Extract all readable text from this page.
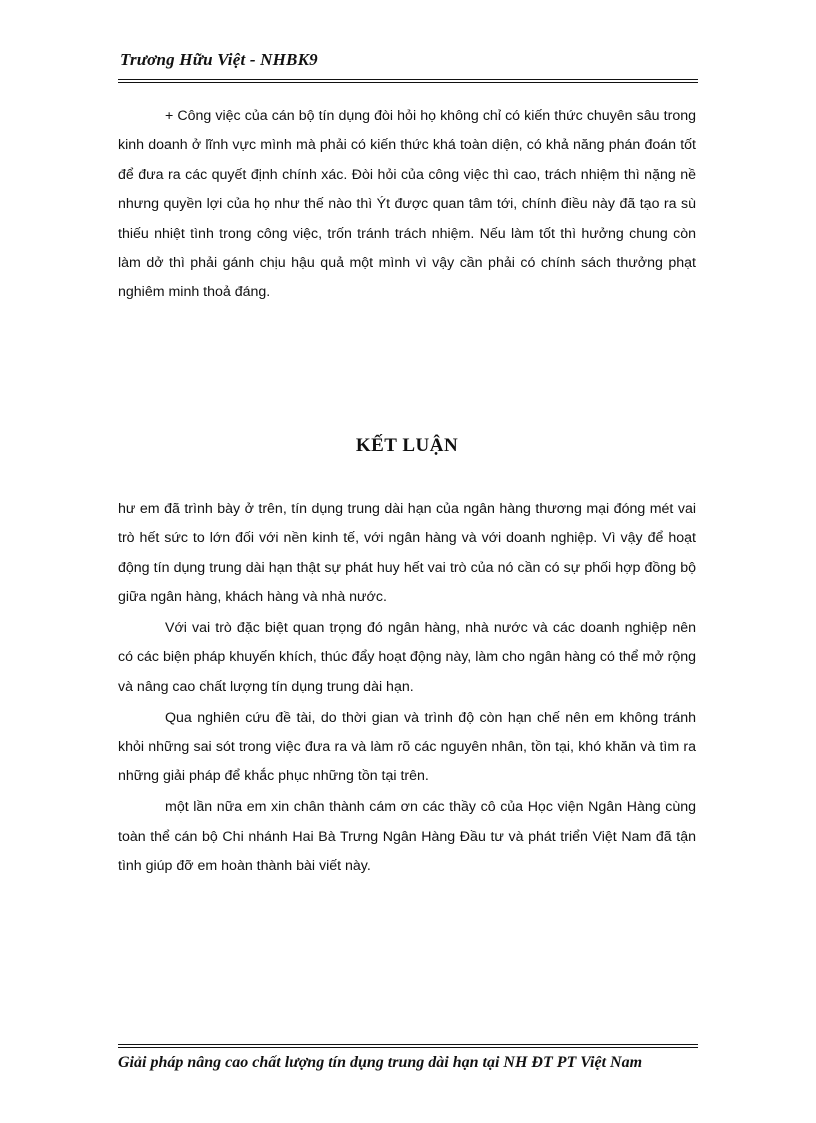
Trương Hữu Việt - NHBK9

+ Công việc của cán bộ tín dụng đòi hỏi họ không chỉ có kiến thức chuyên sâu trong kinh doanh ở lĩnh vực mình mà phải có kiến thức khá toàn diện, có khả năng phán đoán tốt để đưa ra các quyết định chính xác. Đòi hỏi của công việc thì cao, trách nhiệm thì nặng nề nhưng quyền lợi của họ như thế nào thì Ýt được quan tâm tới, chính điều này đã tạo ra sù thiếu nhiệt tình trong công việc, trốn tránh trách nhiệm. Nếu làm tốt thì hưởng chung còn làm dở thì phải gánh chịu hậu quả một mình vì vậy cần phải có chính sách thưởng phạt nghiêm minh thoả đáng.

KẾT LUẬN

hư em đã trình bày ở trên, tín dụng trung dài hạn của ngân hàng thương mại đóng mét vai trò hết sức to lớn đối với nền kinh tế, với ngân hàng và với doanh nghiệp. Vì vậy để hoạt động tín dụng trung dài hạn thật sự phát huy hết vai trò của nó cần có sự phối hợp đồng bộ giữa ngân hàng, khách hàng và nhà nước.

Với vai trò đặc biệt quan trọng đó ngân hàng, nhà nước và các doanh nghiệp nên có các biện pháp khuyến khích, thúc đẩy hoạt động này, làm cho ngân hàng có thể mở rộng và nâng cao chất lượng tín dụng trung dài hạn.

Qua nghiên cứu đề tài, do thời gian và trình độ còn hạn chế nên em không tránh khỏi những sai sót trong việc đưa ra và làm rõ các nguyên nhân, tồn tại, khó khăn và tìm ra những giải pháp để khắc phục những tồn tại trên.

một lần nữa em xin chân thành cám ơn các thầy cô của Học viện Ngân Hàng cùng toàn thể cán bộ Chi nhánh Hai Bà Trưng Ngân Hàng Đầu tư và phát triển Việt Nam đã tận tình giúp đỡ em hoàn thành bài viết này.

Giải pháp nâng cao chất lượng tín dụng trung dài hạn tại NH ĐT PT Việt Nam
